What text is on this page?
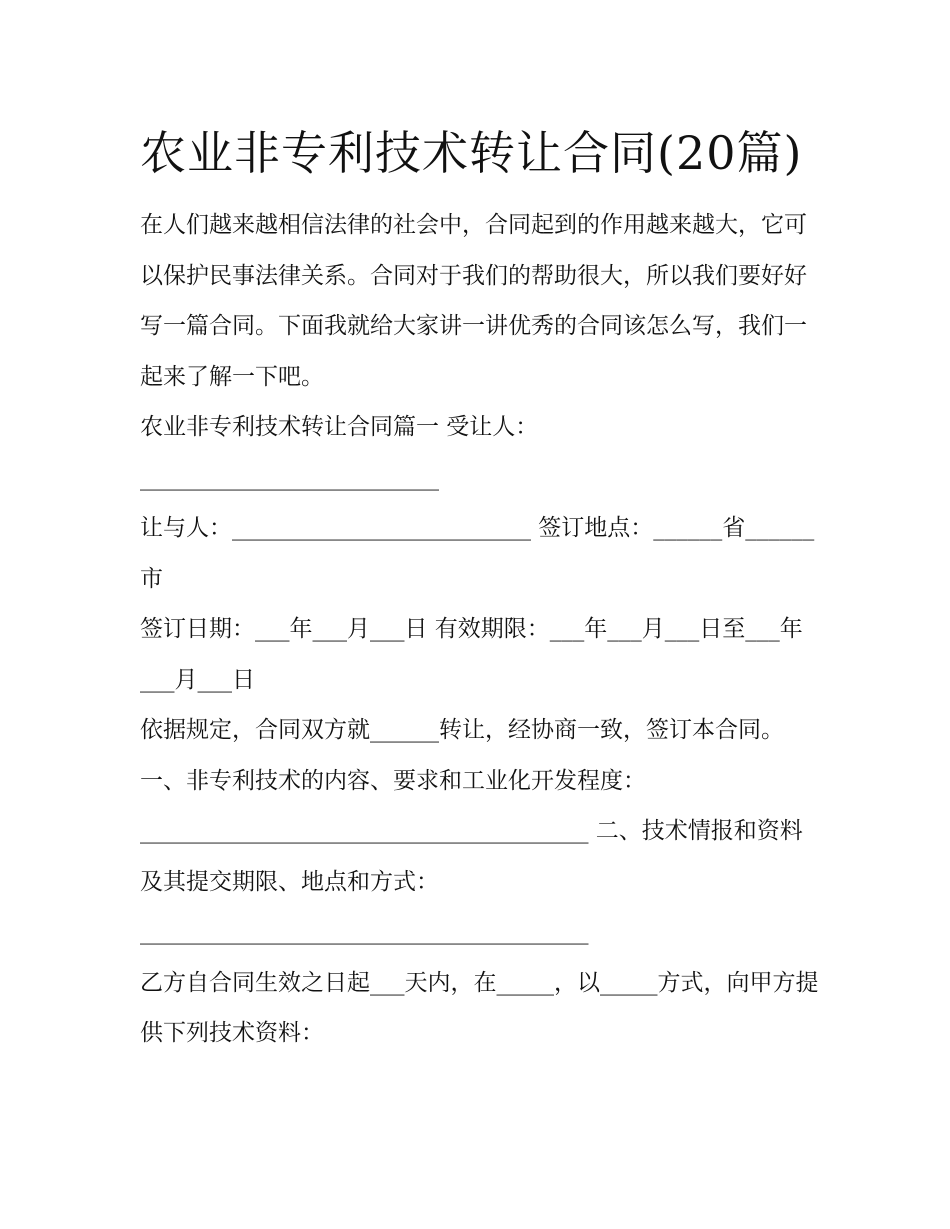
农业非专利技术转让合同(20篇)

在人们越来越相信法律的社会中，合同起到的作用越来越大，它可以保护民事法律关系。合同对于我们的帮助很大，所以我们要好好写一篇合同。下面我就给大家讲一讲优秀的合同该怎么写，我们一起来了解一下吧。

农业非专利技术转让合同篇一 受让人：__________________________

让与人：__________________________ 签订地点：______省______市

签订日期：___年___月___日 有效期限：___年___月___日至___年___月___日

依据规定，合同双方就______转让，经协商一致，签订本合同。 一、非专利技术的内容、要求和工业化开发程度：_______________________________________ 二、技术情报和资料及其提交期限、地点和方式：_______________________________________

乙方自合同生效之日起___天内，在_____，以_____方式，向甲方提供下列技术资料：
